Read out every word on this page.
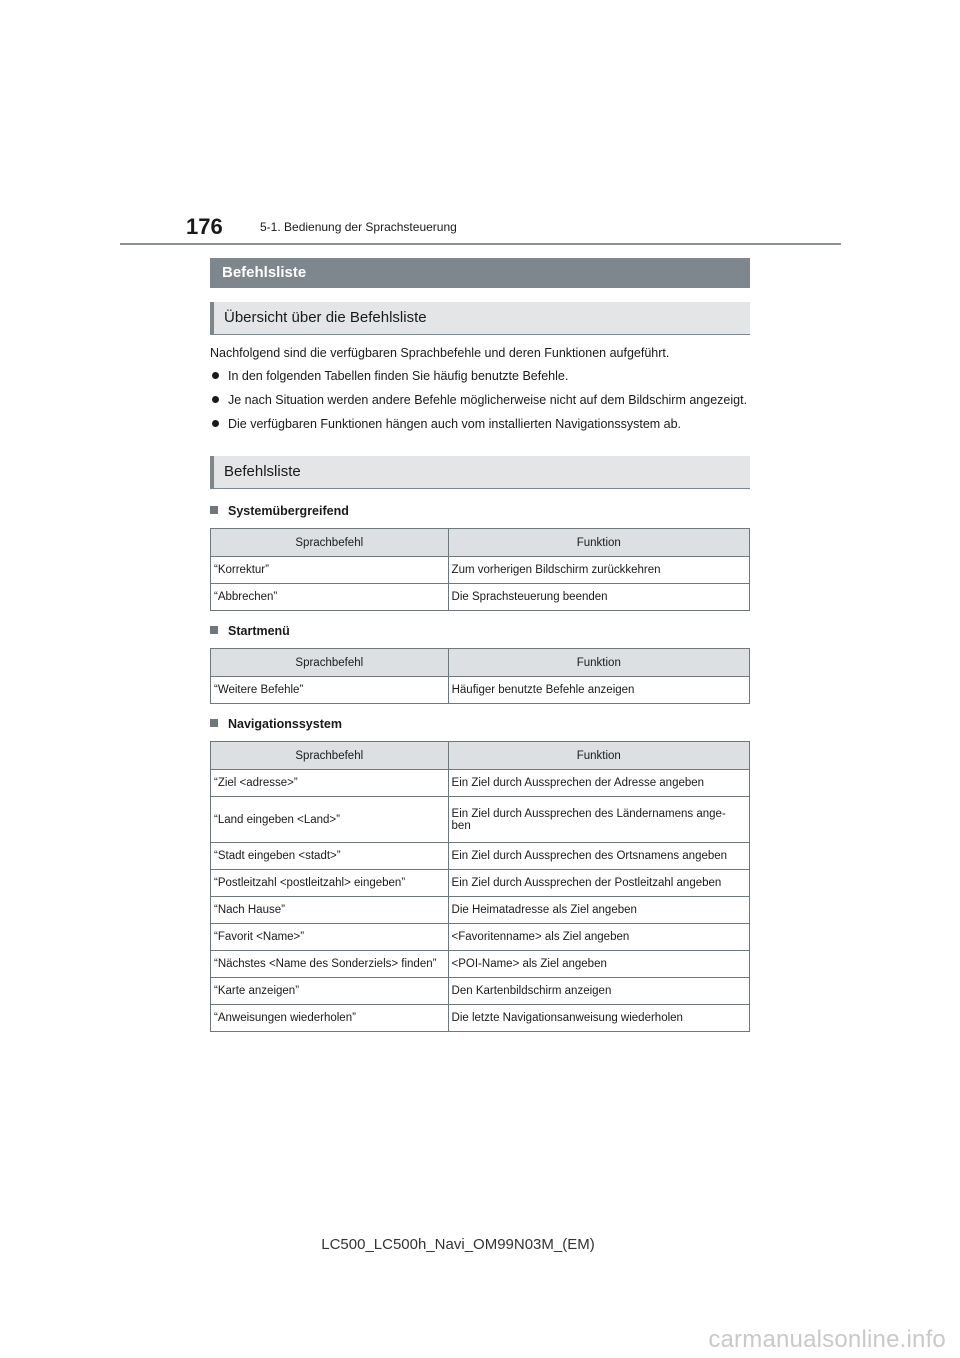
176	5-1. Bedienung der Sprachsteuerung
Befehlsliste
Übersicht über die Befehlsliste
Nachfolgend sind die verfügbaren Sprachbefehle und deren Funktionen aufgeführt.
In den folgenden Tabellen finden Sie häufig benutzte Befehle.
Je nach Situation werden andere Befehle möglicherweise nicht auf dem Bildschirm angezeigt.
Die verfügbaren Funktionen hängen auch vom installierten Navigationssystem ab.
Befehlsliste
Systemübergreifend
Sprachbefehl	Funktion
“Korrektur”	Zum vorherigen Bildschirm zurückkehren
“Abbrechen”	Die Sprachsteuerung beenden
Startmenü
Sprachbefehl	Funktion
“Weitere Befehle”	Häufiger benutzte Befehle anzeigen
Navigationssystem
Sprachbefehl	Funktion
“Ziel <adresse>”	Ein Ziel durch Aussprechen der Adresse angeben
“Land eingeben <Land>”	Ein Ziel durch Aussprechen des Ländernamens ange-
ben
“Stadt eingeben <stadt>”	Ein Ziel durch Aussprechen des Ortsnamens angeben
“Postleitzahl <postleitzahl> eingeben”	Ein Ziel durch Aussprechen der Postleitzahl angeben
“Nach Hause”	Die Heimatadresse als Ziel angeben
“Favorit <Name>”	<Favoritenname> als Ziel angeben
“Nächstes <Name des Sonderziels> finden”	<POI-Name> als Ziel angeben
“Karte anzeigen”	Den Kartenbildschirm anzeigen
“Anweisungen wiederholen”	Die letzte Navigationsanweisung wiederholen
LC500_LC500h_Navi_OM99N03M_(EM)
carmanualsonline.info
